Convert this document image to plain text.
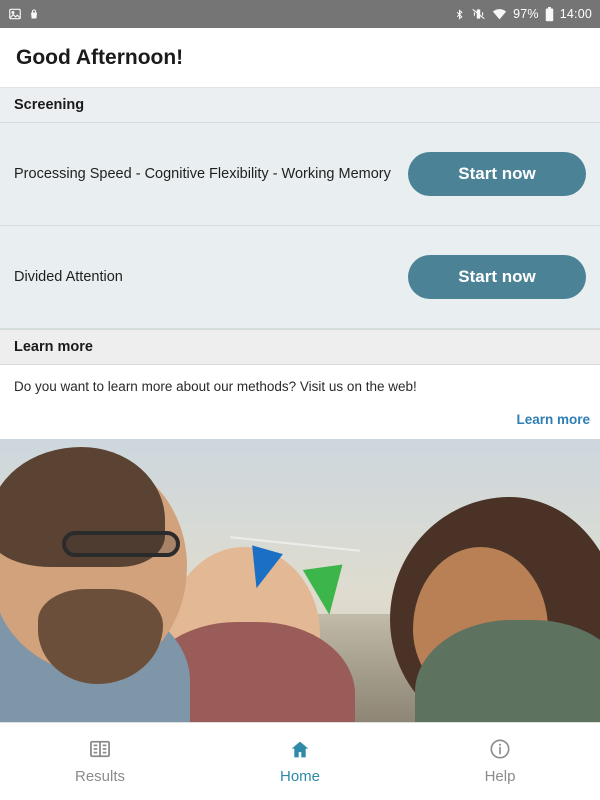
97% 14:00
Good Afternoon!
Screening
Processing Speed - Cognitive Flexibility - Working Memory	Start now
Divided Attention	Start now
Learn more
Do you want to learn more about our methods? Visit us on the web!
Learn more
Results	Home	Help
